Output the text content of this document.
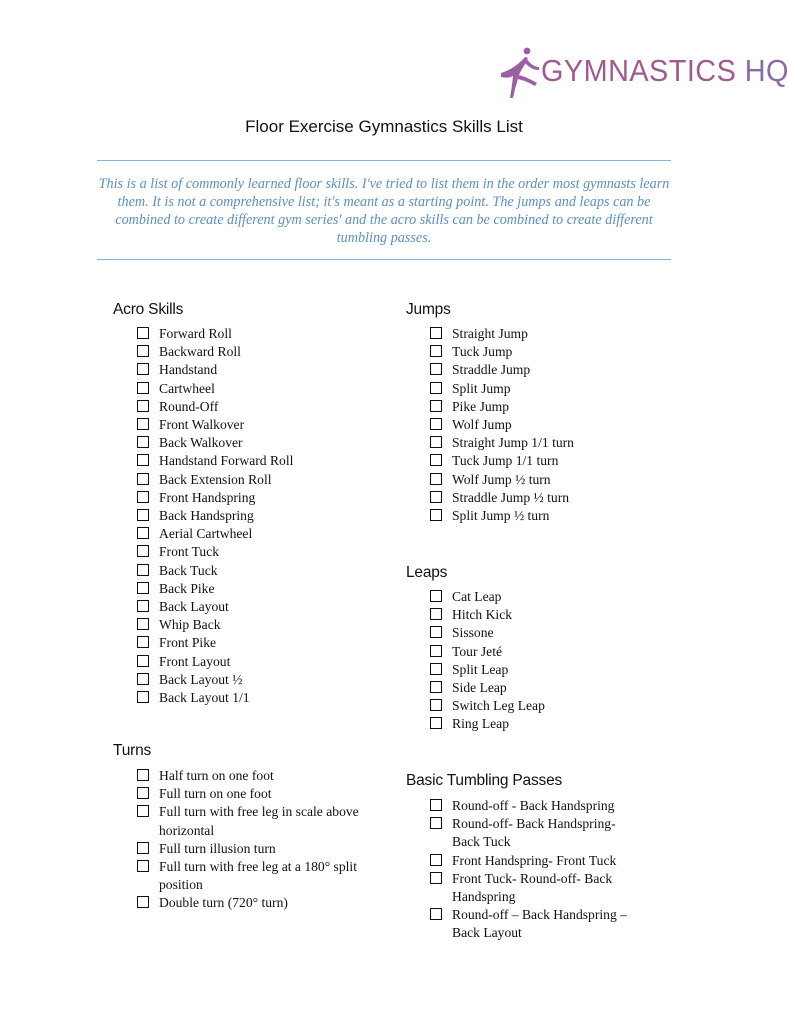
GYMNASTICS HQ
Floor Exercise Gymnastics Skills List
This is a list of commonly learned floor skills. I've tried to list them in the order most gymnasts learn them. It is not a comprehensive list; it's meant as a starting point. The jumps and leaps can be combined to create different gym series' and the acro skills can be combined to create different tumbling passes.
Acro Skills
Forward Roll
Backward Roll
Handstand
Cartwheel
Round-Off
Front Walkover
Back Walkover
Handstand Forward Roll
Back Extension Roll
Front Handspring
Back Handspring
Aerial Cartwheel
Front Tuck
Back Tuck
Back Pike
Back Layout
Whip Back
Front Pike
Front Layout
Back Layout ½
Back Layout 1/1
Turns
Half turn on one foot
Full turn on one foot
Full turn with free leg in scale above horizontal
Full turn illusion turn
Full turn with free leg at a 180° split position
Double turn (720° turn)
Jumps
Straight Jump
Tuck Jump
Straddle Jump
Split Jump
Pike Jump
Wolf Jump
Straight Jump 1/1 turn
Tuck Jump 1/1 turn
Wolf Jump ½ turn
Straddle Jump ½ turn
Split Jump ½ turn
Leaps
Cat Leap
Hitch Kick
Sissone
Tour Jeté
Split Leap
Side Leap
Switch Leg Leap
Ring Leap
Basic Tumbling Passes
Round-off - Back Handspring
Round-off- Back Handspring- Back Tuck
Front Handspring- Front Tuck
Front Tuck- Round-off- Back Handspring
Round-off – Back Handspring – Back Layout
